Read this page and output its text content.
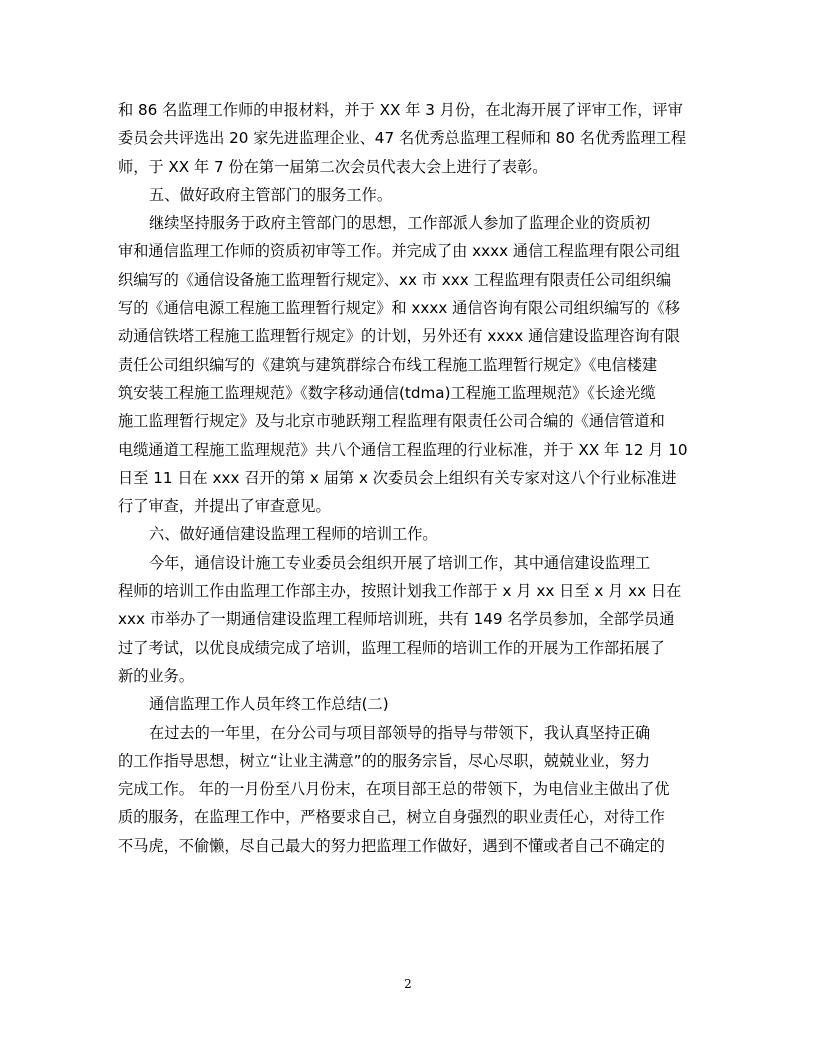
和 86 名监理工作师的申报材料，并于 XX 年 3 月份，在北海开展了评审工作，评审
委员会共评选出 20 家先进监理企业、47 名优秀总监理工程师和 80 名优秀监理工程
师，于 XX 年 7 份在第一届第二次会员代表大会上进行了表彰。
五、做好政府主管部门的服务工作。
继续坚持服务于政府主管部门的思想，工作部派人参加了监理企业的资质初
审和通信监理工作师的资质初审等工作。并完成了由 xxxx 通信工程监理有限公司组
织编写的《通信设备施工监理暂行规定》、xx 市 xxx 工程监理有限责任公司组织编
写的《通信电源工程施工监理暂行规定》和 xxxx 通信咨询有限公司组织编写的《移
动通信铁塔工程施工监理暂行规定》的计划，另外还有 xxxx 通信建设监理咨询有限
责任公司组织编写的《建筑与建筑群综合布线工程施工监理暂行规定》《电信楼建
筑安装工程施工监理规范》《数字移动通信(tdma)工程施工监理规范》《长途光缆
施工监理暂行规定》及与北京市驰跃翔工程监理有限责任公司合编的《通信管道和
电缆通道工程施工监理规范》共八个通信工程监理的行业标准，并于 XX 年 12 月 10
日至 11 日在 xxx 召开的第 x 届第 x 次委员会上组织有关专家对这八个行业标准进
行了审查，并提出了审查意见。
六、做好通信建设监理工程师的培训工作。
今年，通信设计施工专业委员会组织开展了培训工作，其中通信建设监理工
程师的培训工作由监理工作部主办，按照计划我工作部于 x 月 xx 日至 x 月 xx 日在
xxx 市举办了一期通信建设监理工程师培训班，共有 149 名学员参加，全部学员通
过了考试，以优良成绩完成了培训，监理工程师的培训工作的开展为工作部拓展了
新的业务。
通信监理工作人员年终工作总结(二)
在过去的一年里，在分公司与项目部领导的指导与带领下，我认真坚持正确
的工作指导思想，树立“让业主满意”的的服务宗旨，尽心尽职，兢兢业业，努力
完成工作。 年的一月份至八月份末，在项目部王总的带领下，为电信业主做出了优
质的服务，在监理工作中，严格要求自己，树立自身强烈的职业责任心，对待工作
不马虎，不偷懒，尽自己最大的努力把监理工作做好，遇到不懂或者自己不确定的
2
